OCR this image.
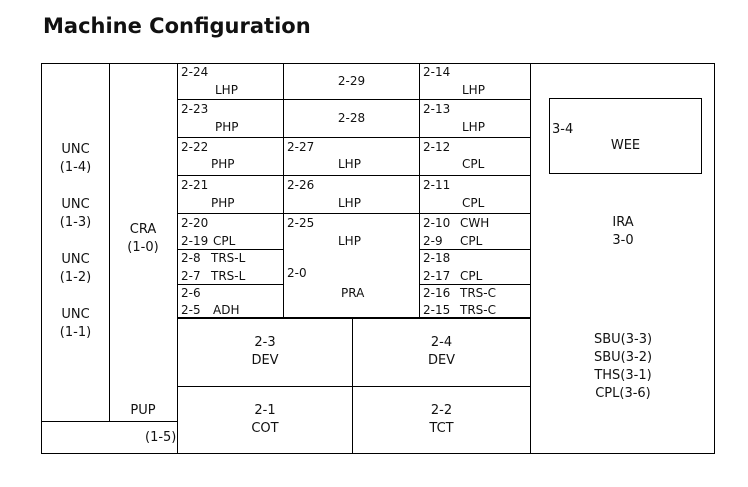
Machine Configuration
UNC
(1-4)
UNC
(1-3)
UNC
(1-2)
UNC
(1-1)
CRA
(1-0)
PUP
(1-5)
2-24
LHP
2-23
PHP
2-22
PHP
2-21
PHP
2-20
2-19 CPL
2-8 TRS-L
2-7 TRS-L
2-6
2-5 ADH
2-29
2-28
2-27
LHP
2-26
LHP
2-25
LHP
2-0
PRA
2-14
LHP
2-13
LHP
2-12
CPL
2-11
CPL
2-10 CWH
2-9 CPL
2-18
2-17 CPL
2-16 TRS-C
2-15 TRS-C
2-3
DEV
2-4
DEV
2-1
COT
2-2
TCT
3-4
WEE
IRA
3-0
SBU(3-3)
SBU(3-2)
THS(3-1)
CPL(3-6)
